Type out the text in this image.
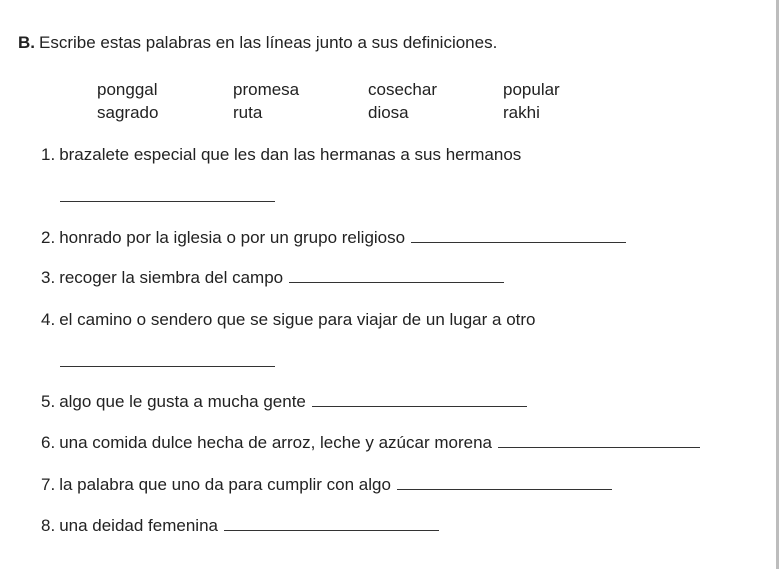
B. Escribe estas palabras en las líneas junto a sus definiciones.
ponggal	promesa	cosechar	popular
sagrado	ruta	diosa	rakhi
1. brazalete especial que les dan las hermanas a sus hermanos
2. honrado por la iglesia o por un grupo religioso
3. recoger la siembra del campo
4. el camino o sendero que se sigue para viajar de un lugar a otro
5. algo que le gusta a mucha gente
6. una comida dulce hecha de arroz, leche y azúcar morena
7. la palabra que uno da para cumplir con algo
8. una deidad femenina
